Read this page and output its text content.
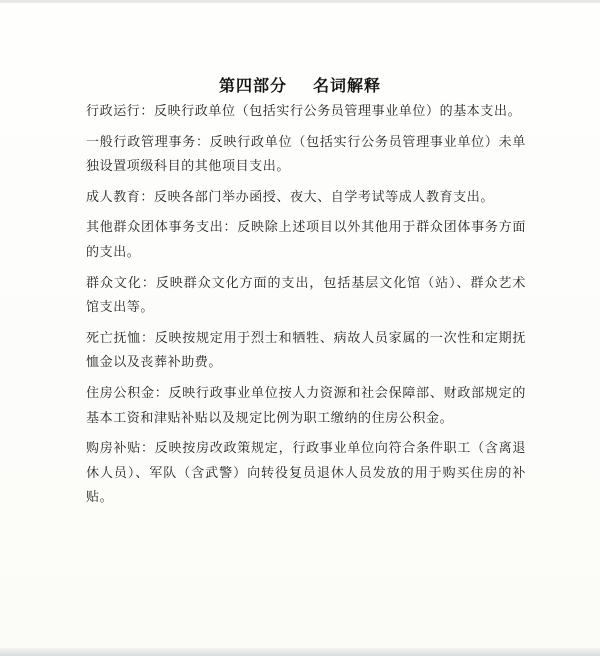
第四部分 名词解释

行政运行：反映行政单位（包括实行公务员管理事业单位）的基本支出。

一般行政管理事务：反映行政单位（包括实行公务员管理事业单位）未单独设置项级科目的其他项目支出。

成人教育：反映各部门举办函授、夜大、自学考试等成人教育支出。

其他群众团体事务支出：反映除上述项目以外其他用于群众团体事务方面的支出。

群众文化：反映群众文化方面的支出，包括基层文化馆（站）、群众艺术馆支出等。

死亡抚恤：反映按规定用于烈士和牺牲、病故人员家属的一次性和定期抚恤金以及丧葬补助费。

住房公积金：反映行政事业单位按人力资源和社会保障部、财政部规定的基本工资和津贴补贴以及规定比例为职工缴纳的住房公积金。

购房补贴：反映按房改政策规定，行政事业单位向符合条件职工（含离退休人员）、军队（含武警）向转役复员退休人员发放的用于购买住房的补贴。
